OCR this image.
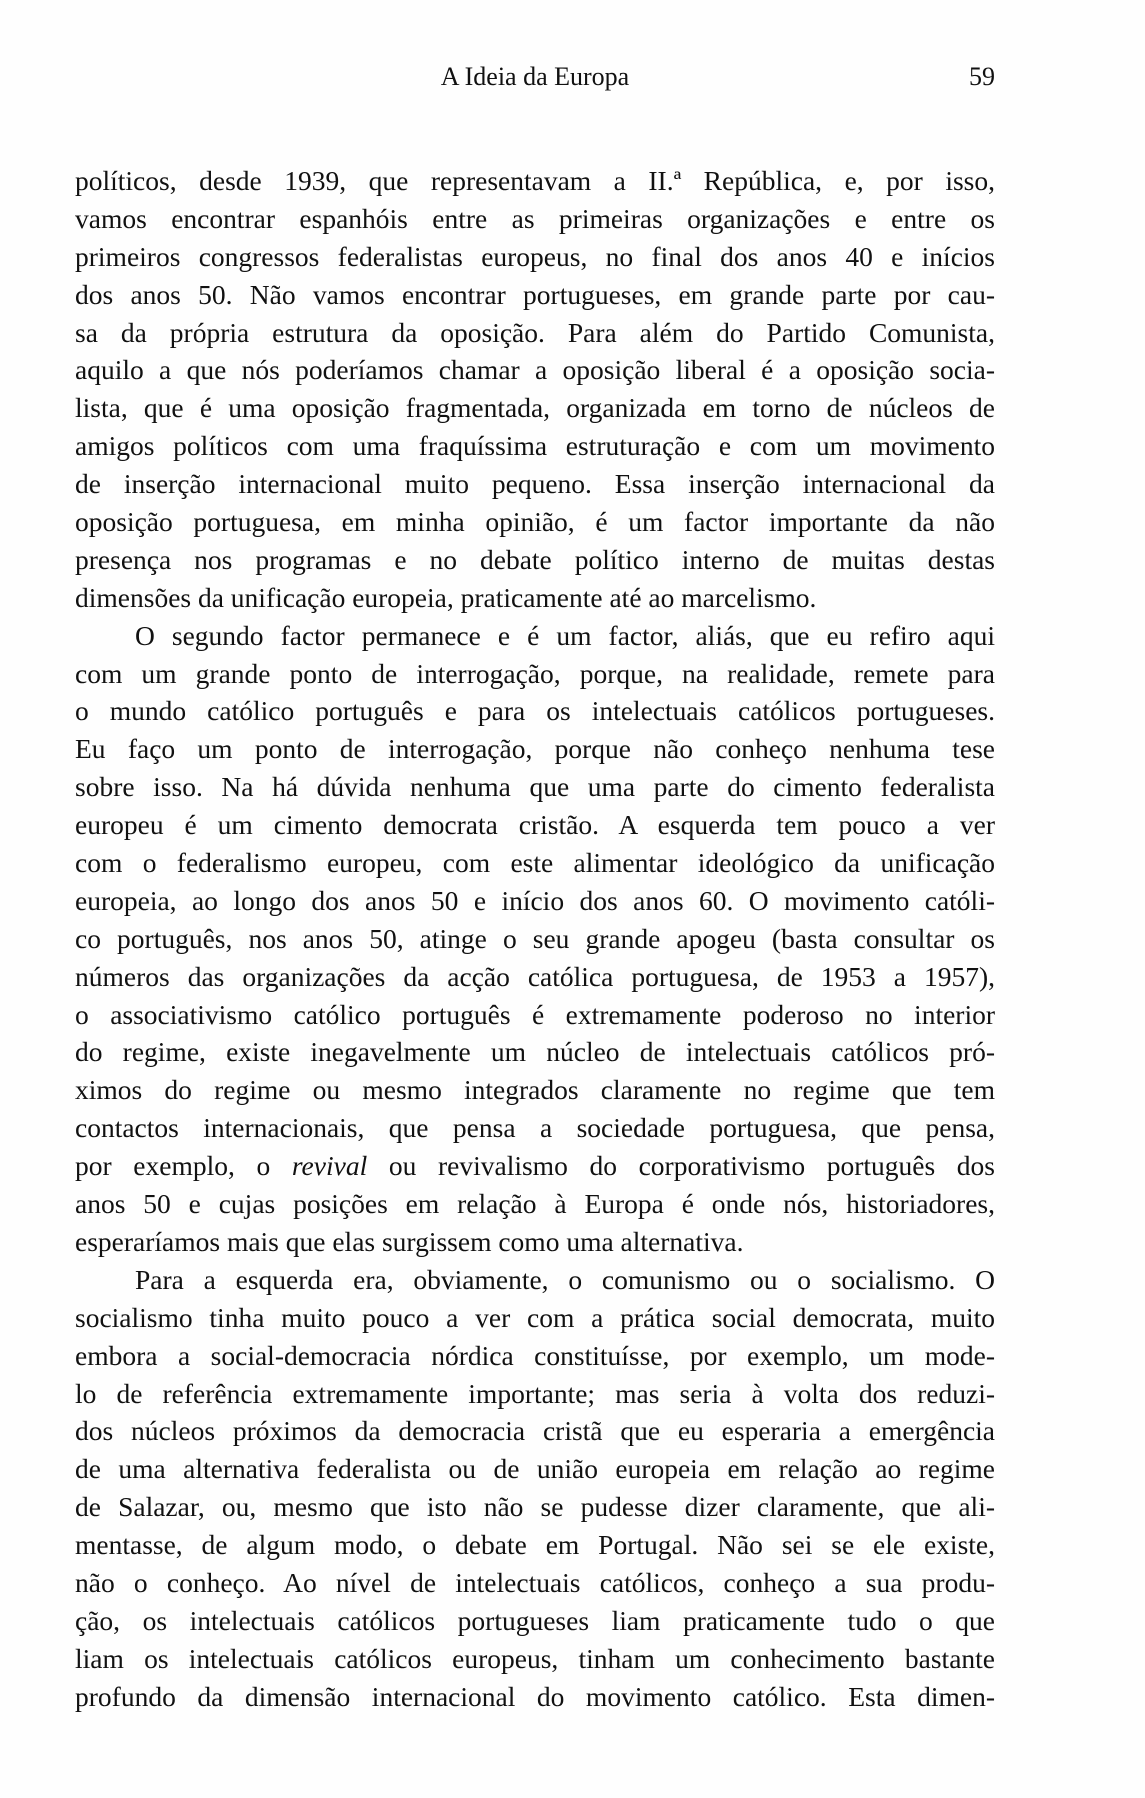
A Ideia da Europa	59
políticos, desde 1939, que representavam a II.ª República, e, por isso,
vamos encontrar espanhóis entre as primeiras organizações e entre os
primeiros congressos federalistas europeus, no final dos anos 40 e inícios
dos anos 50. Não vamos encontrar portugueses, em grande parte por cau-
sa da própria estrutura da oposição. Para além do Partido Comunista,
aquilo a que nós poderíamos chamar a oposição liberal é a oposição socia-
lista, que é uma oposição fragmentada, organizada em torno de núcleos de
amigos políticos com uma fraquíssima estruturação e com um movimento
de inserção internacional muito pequeno. Essa inserção internacional da
oposição portuguesa, em minha opinião, é um factor importante da não
presença nos programas e no debate político interno de muitas destas
dimensões da unificação europeia, praticamente até ao marcelismo.
O segundo factor permanece e é um factor, aliás, que eu refiro aqui
com um grande ponto de interrogação, porque, na realidade, remete para
o mundo católico português e para os intelectuais católicos portugueses.
Eu faço um ponto de interrogação, porque não conheço nenhuma tese
sobre isso. Na há dúvida nenhuma que uma parte do cimento federalista
europeu é um cimento democrata cristão. A esquerda tem pouco a ver
com o federalismo europeu, com este alimentar ideológico da unificação
europeia, ao longo dos anos 50 e início dos anos 60. O movimento católi-
co português, nos anos 50, atinge o seu grande apogeu (basta consultar os
números das organizações da acção católica portuguesa, de 1953 a 1957),
o associativismo católico português é extremamente poderoso no interior
do regime, existe inegavelmente um núcleo de intelectuais católicos pró-
ximos do regime ou mesmo integrados claramente no regime que tem
contactos internacionais, que pensa a sociedade portuguesa, que pensa,
por exemplo, o revival ou revivalismo do corporativismo português dos
anos 50 e cujas posições em relação à Europa é onde nós, historiadores,
esperaríamos mais que elas surgissem como uma alternativa.
Para a esquerda era, obviamente, o comunismo ou o socialismo. O
socialismo tinha muito pouco a ver com a prática social democrata, muito
embora a social-democracia nórdica constituísse, por exemplo, um mode-
lo de referência extremamente importante; mas seria à volta dos reduzi-
dos núcleos próximos da democracia cristã que eu esperaria a emergência
de uma alternativa federalista ou de união europeia em relação ao regime
de Salazar, ou, mesmo que isto não se pudesse dizer claramente, que ali-
mentasse, de algum modo, o debate em Portugal. Não sei se ele existe,
não o conheço. Ao nível de intelectuais católicos, conheço a sua produ-
ção, os intelectuais católicos portugueses liam praticamente tudo o que
liam os intelectuais católicos europeus, tinham um conhecimento bastante
profundo da dimensão internacional do movimento católico. Esta dimen-
